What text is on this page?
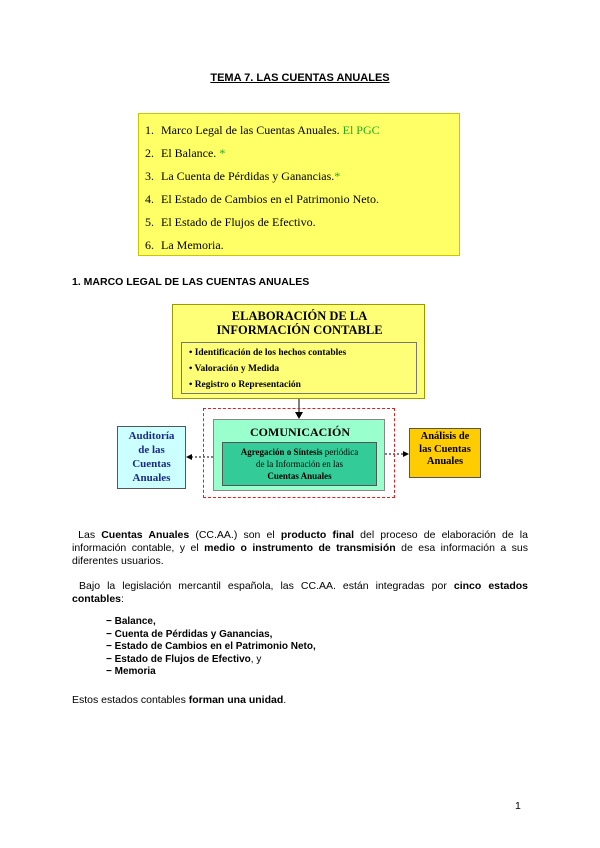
TEMA 7. LAS CUENTAS ANUALES
1. Marco Legal de las Cuentas Anuales. El PGC
2. El Balance. *
3. La Cuenta de Pérdidas y Ganancias.*
4. El Estado de Cambios en el Patrimonio Neto.
5. El Estado de Flujos de Efectivo.
6. La Memoria.
1. MARCO LEGAL DE LAS CUENTAS ANUALES
ELABORACIÓN DE LA
INFORMACIÓN CONTABLE
• Identificación de los hechos contables
• Valoración y Medida
• Registro o Representación
COMUNICACIÓN
Agregación o Síntesis periódica
de la Información en las
Cuentas Anuales
Auditoría
de las
Cuentas
Anuales
Análisis de
las Cuentas
Anuales
Las Cuentas Anuales (CC.AA.) son el producto final del proceso de elaboración de la información contable, y el medio o instrumento de transmisión de esa información a sus diferentes usuarios.
Bajo la legislación mercantil española, las CC.AA. están integradas por cinco estados contables:
− Balance,
− Cuenta de Pérdidas y Ganancias,
− Estado de Cambios en el Patrimonio Neto,
− Estado de Flujos de Efectivo, y
− Memoria
Estos estados contables forman una unidad.
1
